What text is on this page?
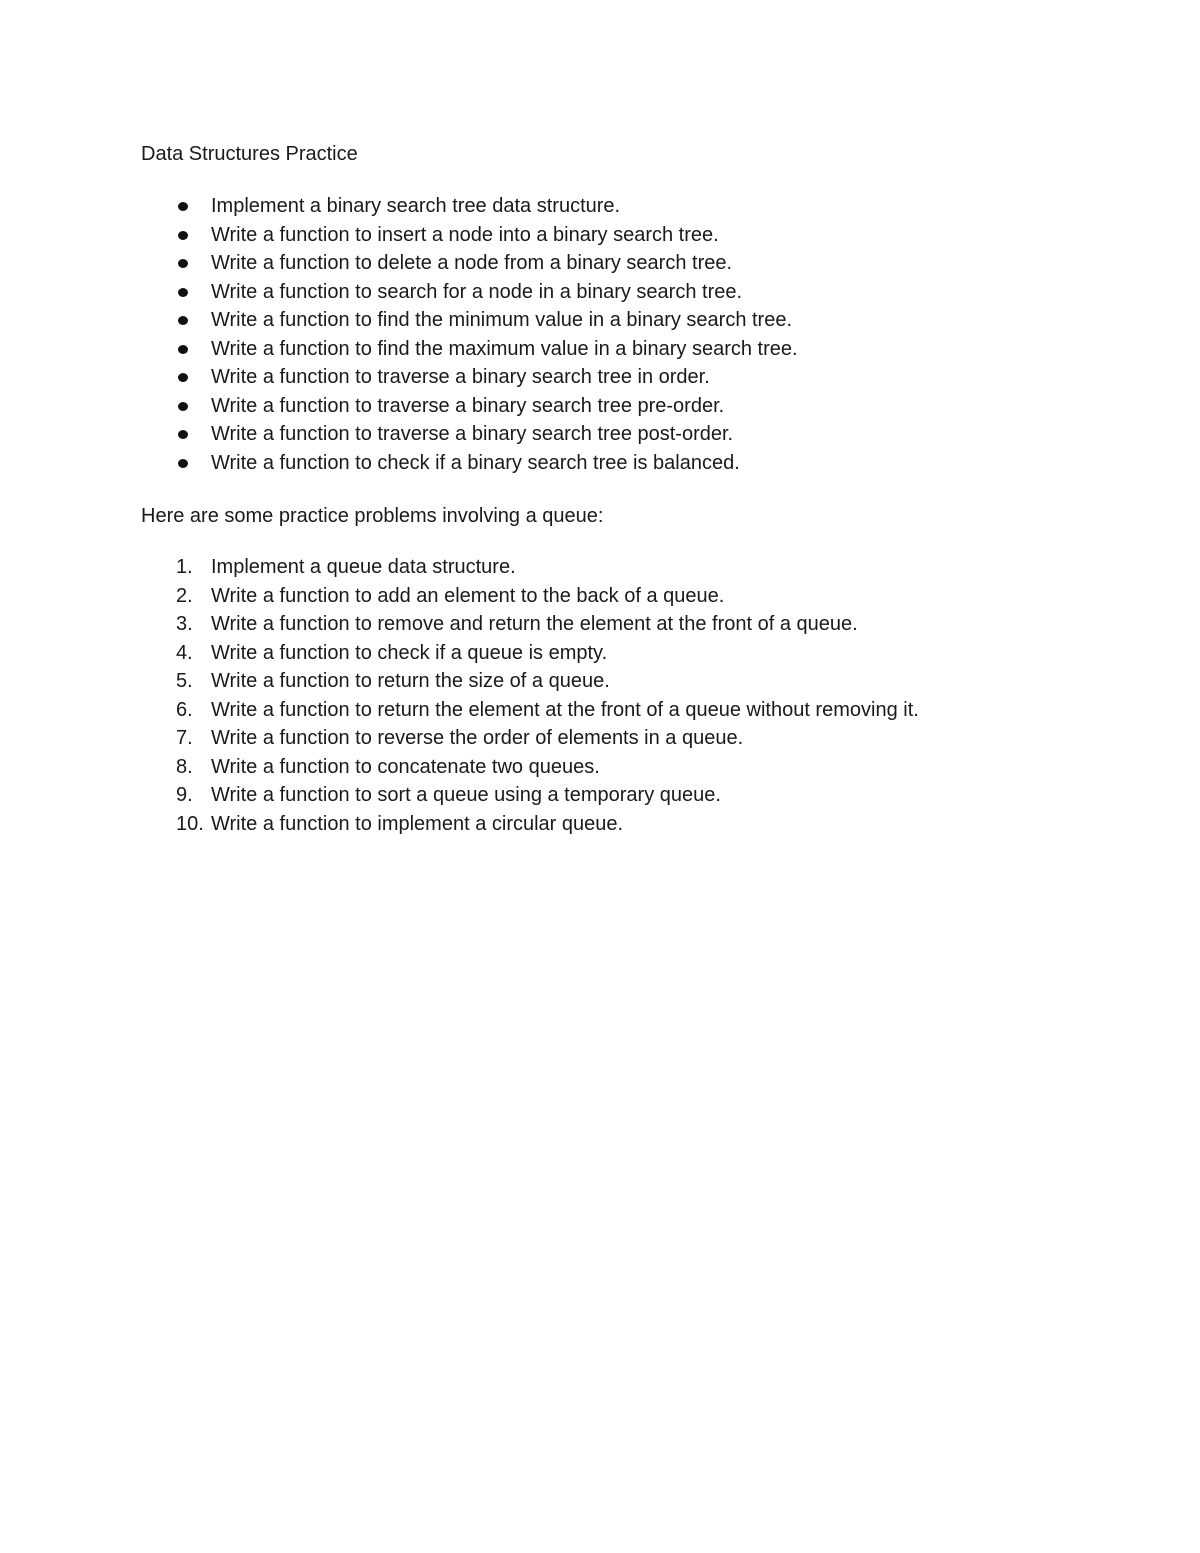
Data Structures Practice
Implement a binary search tree data structure.
Write a function to insert a node into a binary search tree.
Write a function to delete a node from a binary search tree.
Write a function to search for a node in a binary search tree.
Write a function to find the minimum value in a binary search tree.
Write a function to find the maximum value in a binary search tree.
Write a function to traverse a binary search tree in order.
Write a function to traverse a binary search tree pre-order.
Write a function to traverse a binary search tree post-order.
Write a function to check if a binary search tree is balanced.

Here are some practice problems involving a queue:

1. Implement a queue data structure.
2. Write a function to add an element to the back of a queue.
3. Write a function to remove and return the element at the front of a queue.
4. Write a function to check if a queue is empty.
5. Write a function to return the size of a queue.
6. Write a function to return the element at the front of a queue without removing it.
7. Write a function to reverse the order of elements in a queue.
8. Write a function to concatenate two queues.
9. Write a function to sort a queue using a temporary queue.
10. Write a function to implement a circular queue.
